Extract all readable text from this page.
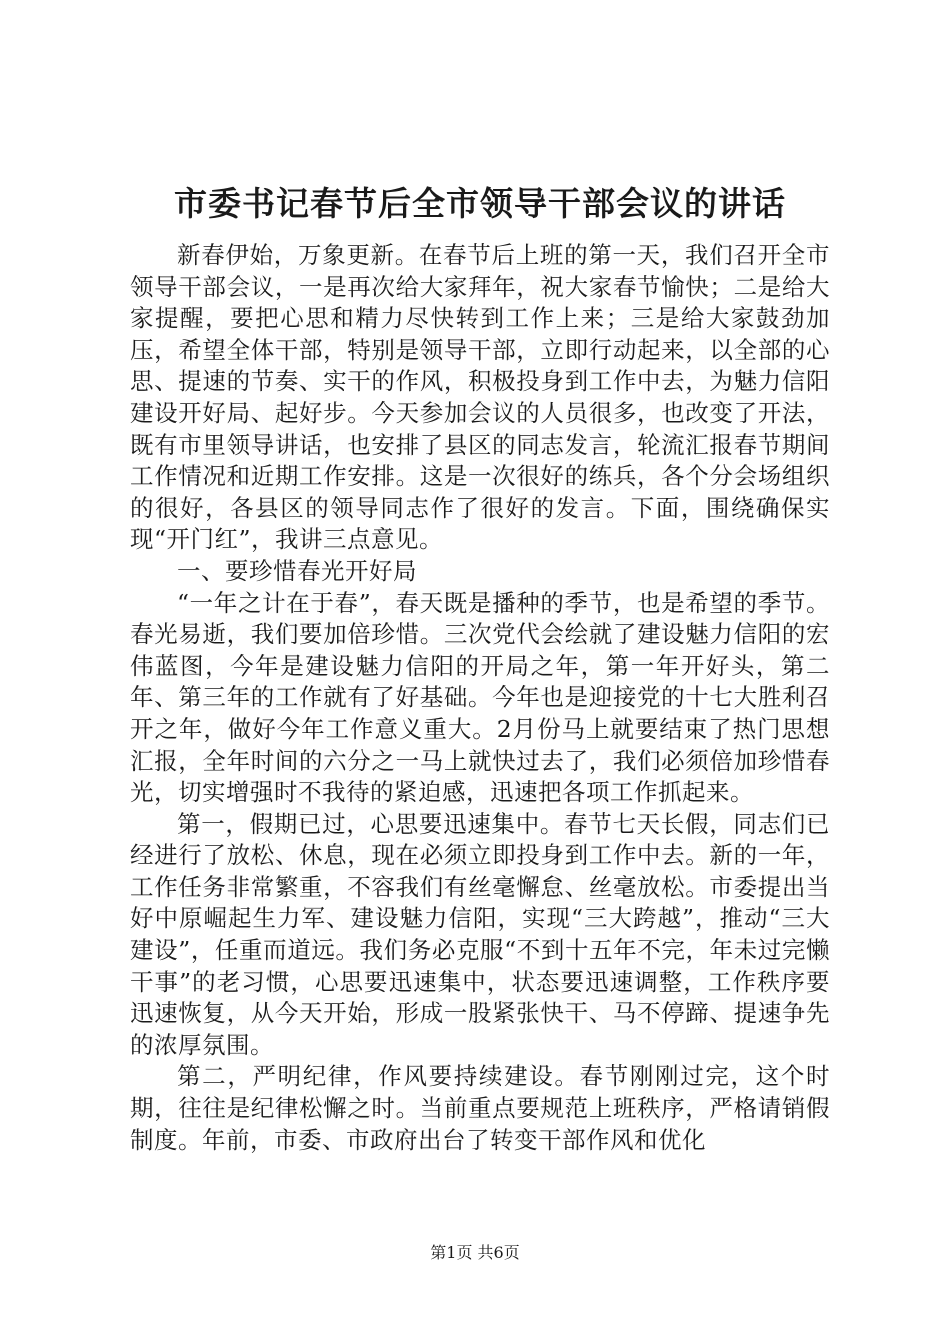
市委书记春节后全市领导干部会议的讲话

新春伊始，万象更新。在春节后上班的第一天，我们召开全市领导干部会议，一是再次给大家拜年，祝大家春节愉快；二是给大家提醒，要把心思和精力尽快转到工作上来；三是给大家鼓劲加压，希望全体干部，特别是领导干部，立即行动起来，以全部的心思、提速的节奏、实干的作风，积极投身到工作中去，为魅力信阳建设开好局、起好步。今天参加会议的人员很多，也改变了开法，既有市里领导讲话，也安排了县区的同志发言，轮流汇报春节期间工作情况和近期工作安排。这是一次很好的练兵，各个分会场组织的很好，各县区的领导同志作了很好的发言。下面，围绕确保实现“开门红”，我讲三点意见。

一、要珍惜春光开好局

“一年之计在于春”，春天既是播种的季节，也是希望的季节。春光易逝，我们要加倍珍惜。三次党代会绘就了建设魅力信阳的宏伟蓝图，今年是建设魅力信阳的开局之年，第一年开好头，第二年、第三年的工作就有了好基础。今年也是迎接党的十七大胜利召开之年，做好今年工作意义重大。2月份马上就要结束了热门思想汇报，全年时间的六分之一马上就快过去了，我们必须倍加珍惜春光，切实增强时不我待的紧迫感，迅速把各项工作抓起来。

第一，假期已过，心思要迅速集中。春节七天长假，同志们已经进行了放松、休息，现在必须立即投身到工作中去。新的一年，工作任务非常繁重，不容我们有丝毫懈怠、丝毫放松。市委提出当好中原崛起生力军、建设魅力信阳，实现“三大跨越”，推动“三大建设”，任重而道远。我们务必克服“不到十五年不完，年未过完懒干事”的老习惯，心思要迅速集中，状态要迅速调整，工作秩序要迅速恢复，从今天开始，形成一股紧张快干、马不停蹄、提速争先的浓厚氛围。

第二，严明纪律，作风要持续建设。春节刚刚过完，这个时期，往往是纪律松懈之时。当前重点要规范上班秩序，严格请销假制度。年前，市委、市政府出台了转变干部作风和优化

第1页 共6页
